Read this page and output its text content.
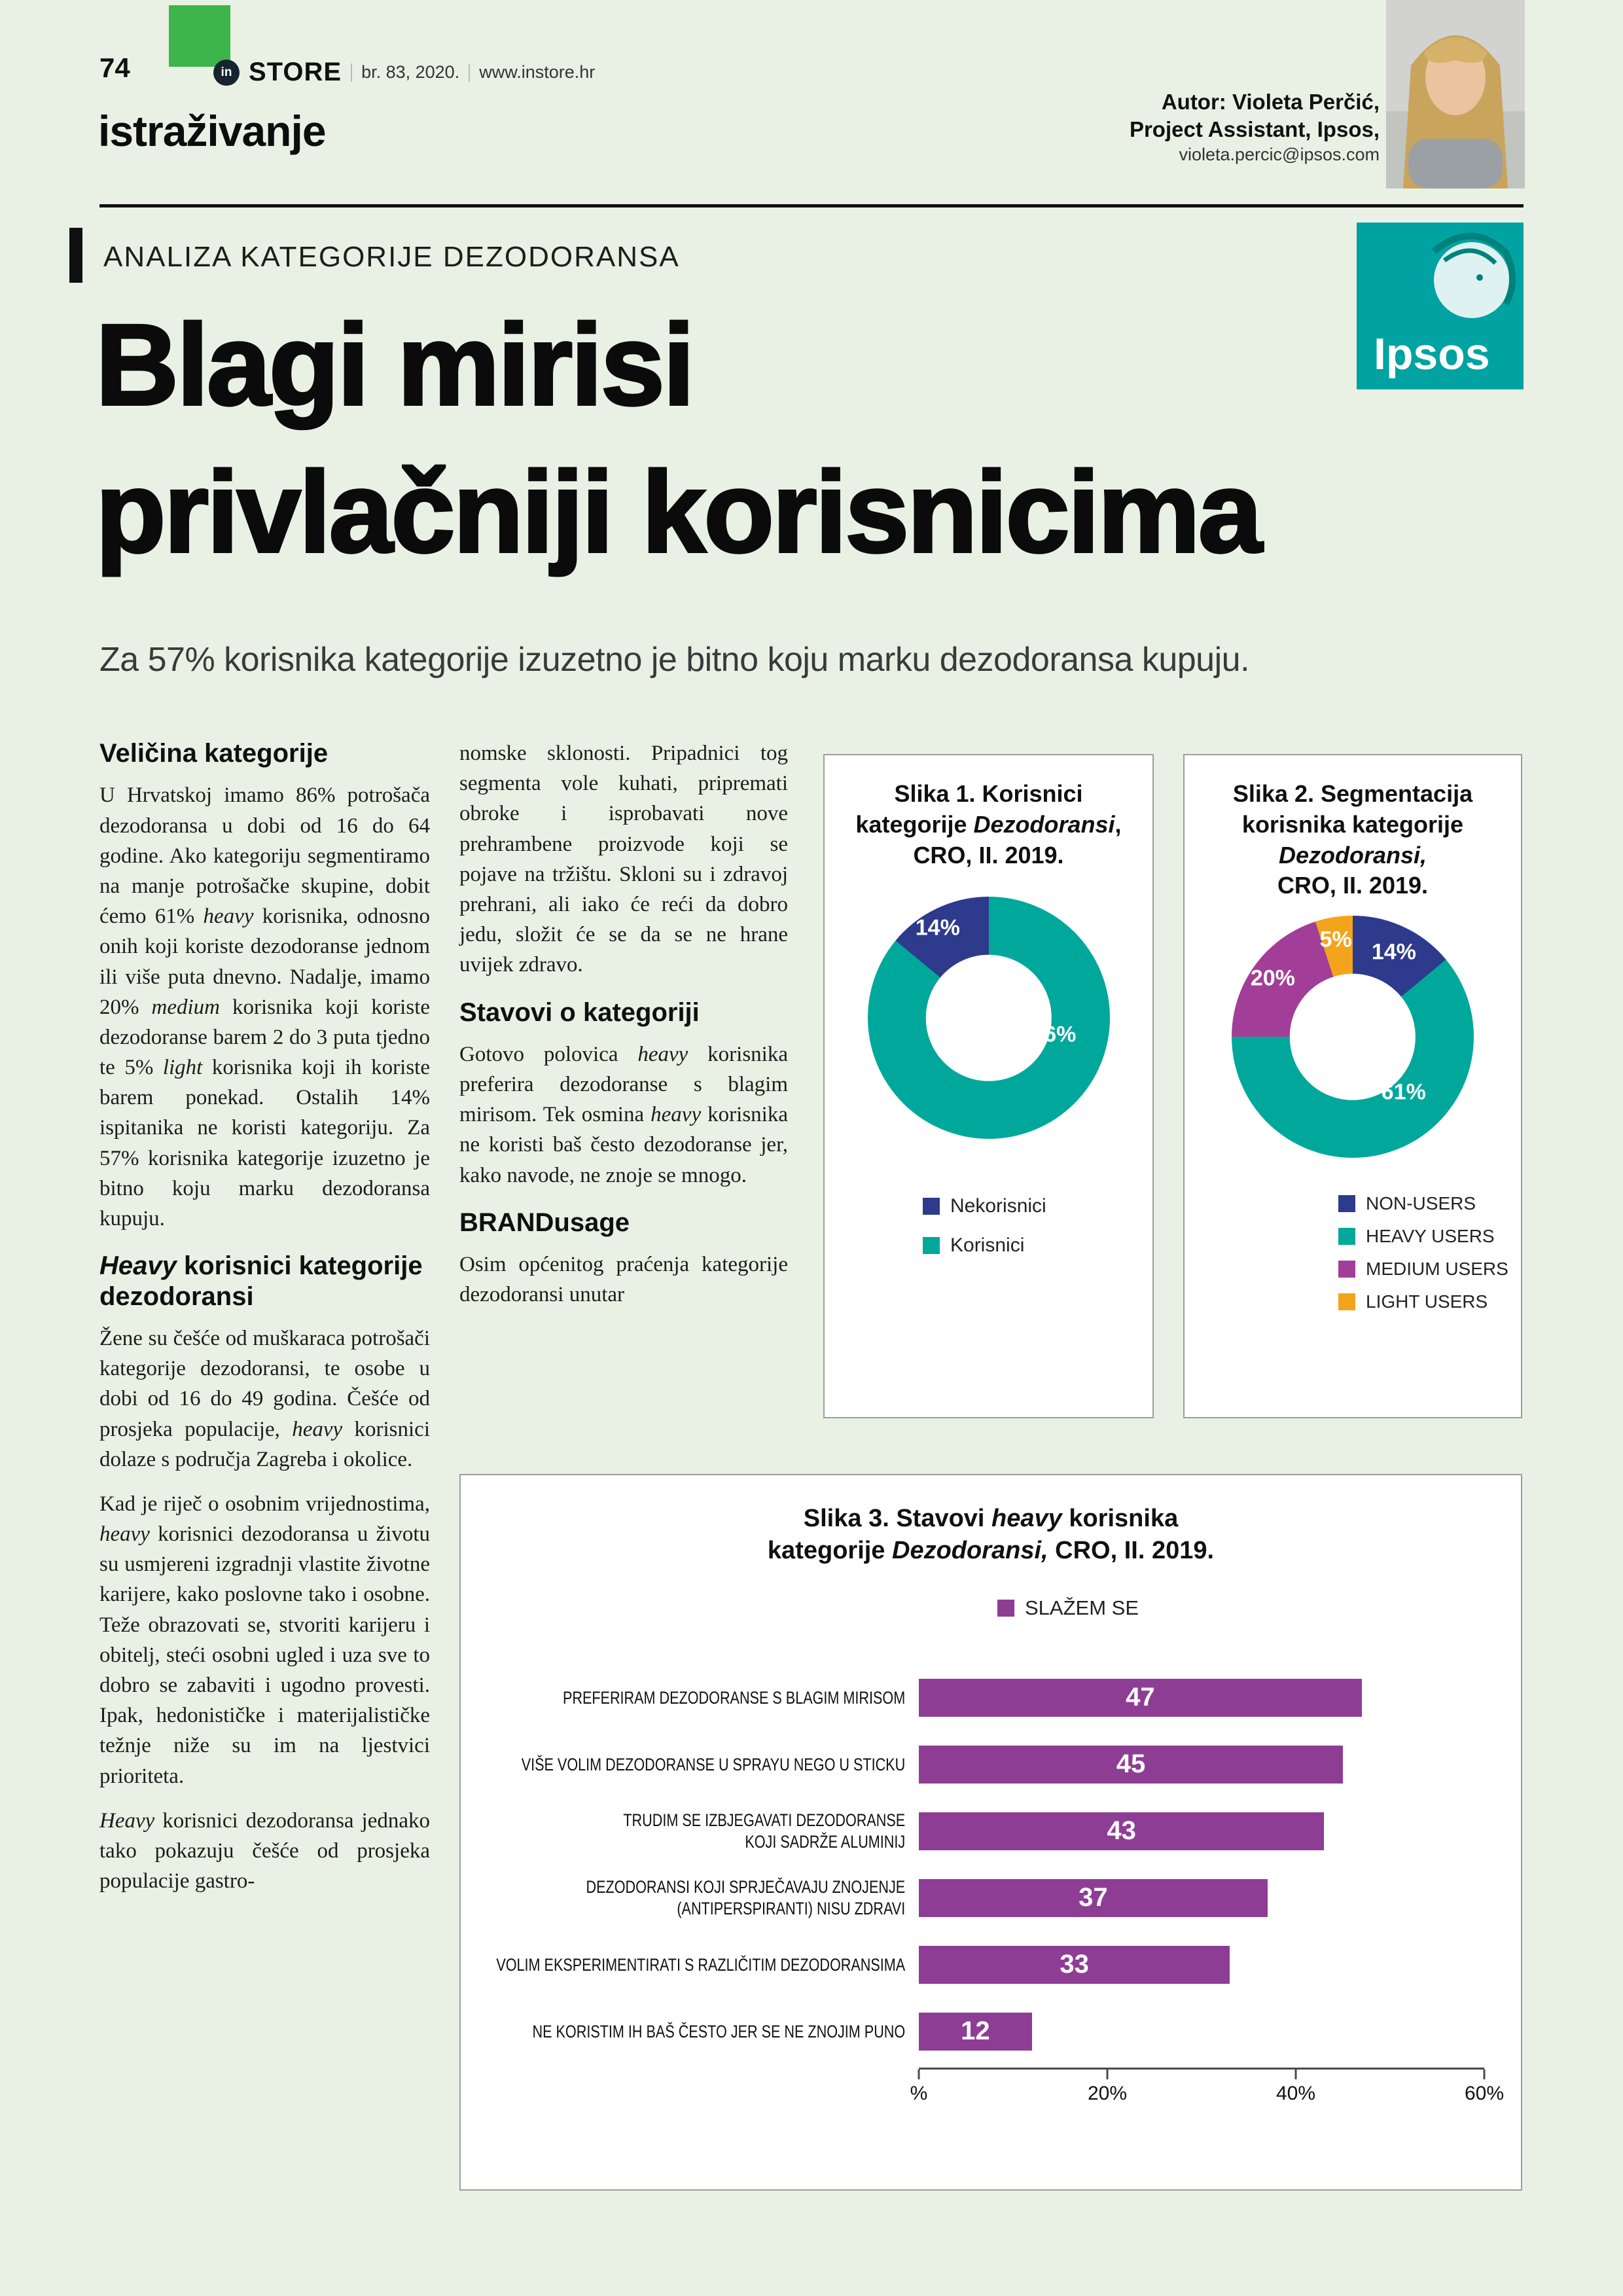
74	in STORE br. 83, 2020. www.instore.hr
Autor: Violeta Perčić,
Project Assistant, Ipsos,
violeta.percic@ipsos.com
istraživanje
ANALIZA KATEGORIJE DEZODORANSA
Ipsos
Blagi mirisi
privlačniji korisnicima
Za 57% korisnika kategorije izuzetno je bitno koju marku dezodoransa kupuju.
Veličina kategorije

U Hrvatskoj imamo 86% potrošača dezodoransa u dobi od 16 do 64 godine. Ako kategoriju segmentiramo na manje potrošačke skupine, dobit ćemo 61% heavy korisnika, odnosno onih koji koriste dezodoranse jednom ili više puta dnevno. Nadalje, imamo 20% medium korisnika koji koriste dezodoranse barem 2 do 3 puta tjedno te 5% light korisnika koji ih koriste barem ponekad. Ostalih 14% ispitanika ne koristi kategoriju. Za 57% korisnika kategorije izuzetno je bitno koju marku dezodoransa kupuju.

Heavy korisnici kategorije dezodoransi

Žene su češće od muškaraca potrošači kategorije dezodoransi, te osobe u dobi od 16 do 49 godina. Češće od prosjeka populacije, heavy korisnici dolaze s područja Zagreba i okolice.

Kad je riječ o osobnim vrijednostima, heavy korisnici dezodoransa u životu su usmjereni izgradnji vlastite životne karijere, kako poslovne tako i osobne. Teže obrazovati se, stvoriti karijeru i obitelj, steći osobni ugled i uza sve to dobro se zabaviti i ugodno provesti. Ipak, hedonističke i materijalističke težnje niže su im na ljestvici prioriteta.

Heavy korisnici dezodoransa jednako tako pokazuju češće od prosjeka populacije gastro-

nomske sklonosti. Pripadnici tog segmenta vole kuhati, pripremati obroke i isprobavati nove prehrambene proizvode koji se pojave na tržištu. Skloni su i zdravoj prehrani, ali iako će reći da dobro jedu, složit će se da se ne hrane uvijek zdravo.

Stavovi o kategoriji

Gotovo polovica heavy korisnika preferira dezodoranse s blagim mirisom. Tek osmina heavy korisnika ne koristi baš često dezodoranse jer, kako navode, ne znoje se mnogo.

BRANDusage

Osim općenitog praćenja kategorije dezodoransi unutar

Slika 1. Korisnici
kategorije Dezodoransi,
CRO, II. 2019.
86%
14%
Nekorisnici
Korisnici
Slika 2. Segmentacija
korisnika kategorije
Dezodoransi,
CRO, II. 2019.
14%
61%
20%
5%
NON-USERS
HEAVY USERS
MEDIUM USERS
LIGHT USERS
Slika 3. Stavovi heavy korisnika
kategorije Dezodoransi, CRO, II. 2019.
SLAŽEM SE
PREFERIRAM DEZODORANSE S BLAGIM MIRISOM	47
VIŠE VOLIM DEZODORANSE U SPRAYU NEGO U STICKU	45
TRUDIM SE IZBJEGAVATI DEZODORANSE
KOJI SADRŽE ALUMINIJ	43
DEZODORANSI KOJI SPRJEČAVAJU ZNOJENJE
(ANTIPERSPIRANTI) NISU ZDRAVI	37
VOLIM EKSPERIMENTIRATI S RAZLIČITIM DEZODORANSIMA	33
NE KORISTIM IH BAŠ ČESTO JER SE NE ZNOJIM PUNO	12
%	20%	40%	60%
